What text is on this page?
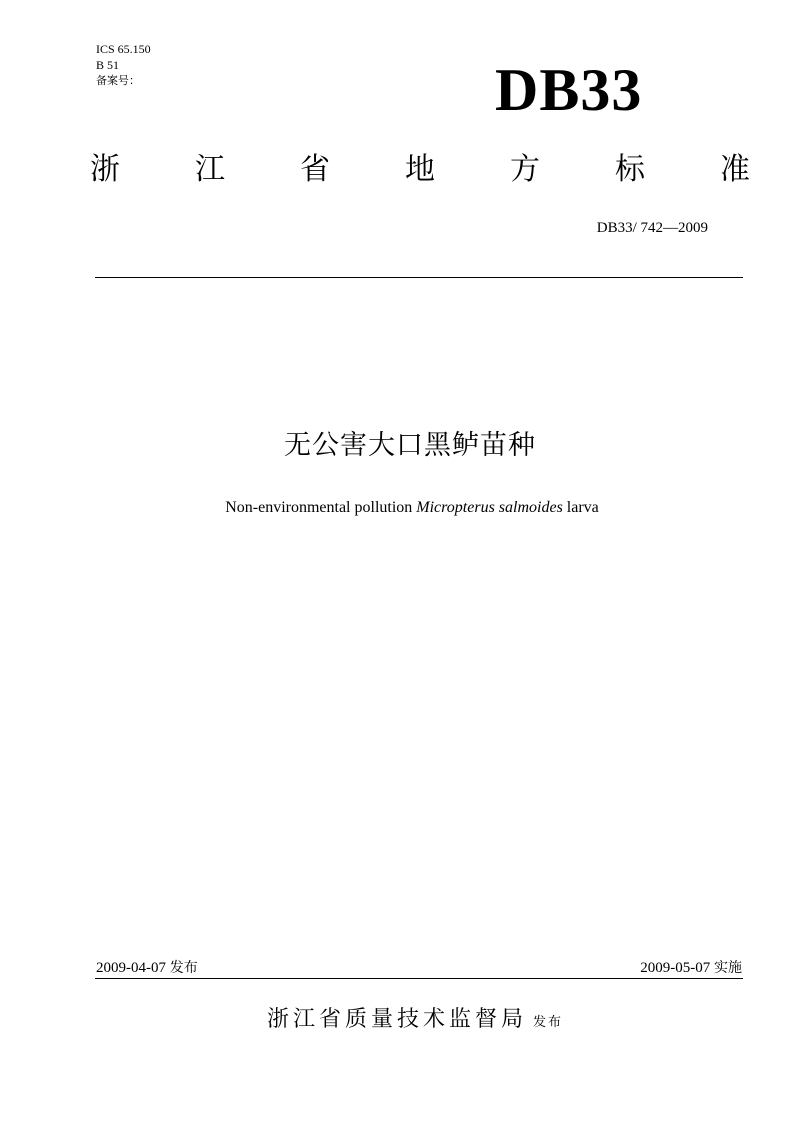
ICS 65.150
B 51
备案号：	DB33
浙	江	省	地	方	标	准
DB33/ 742—2009
无公害大口黑鲈苗种
Non-environmental pollution Micropterus salmoides larva
2009-04-07 发布	2009-05-07 实施
浙江省质量技术监督局 发布
